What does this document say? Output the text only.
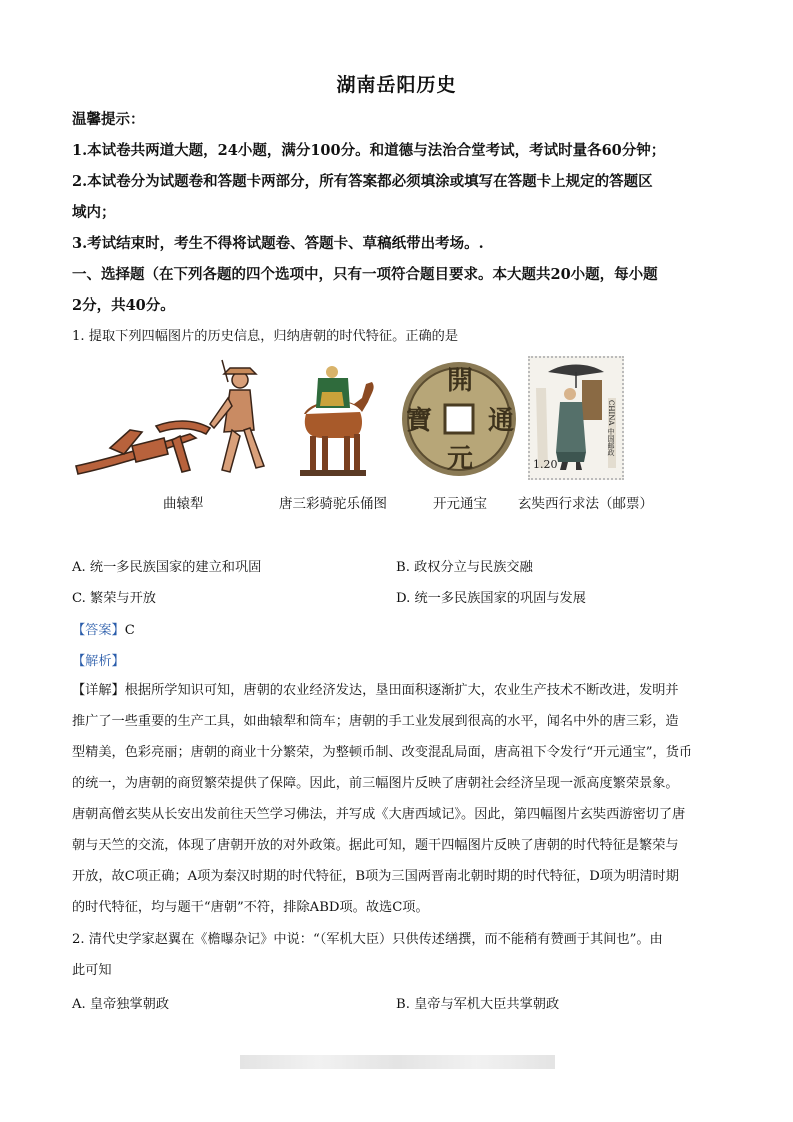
湖南岳阳历史
温馨提示：
1.本试卷共两道大题，24小题，满分100分。和道德与法治合堂考试，考试时量各60分钟；
2.本试卷分为试题卷和答题卡两部分，所有答案都必须填涂或填写在答题卡上规定的答题区
域内；
3.考试结束时，考生不得将试题卷、答题卡、草稿纸带出考场。.
一、选择题（在下列各题的四个选项中，只有一项符合题目要求。本大题共20小题，每小题
2分，共40分。
1. 提取下列四幅图片的历史信息，归纳唐朝的时代特征。正确的是
開
元
通
寶
1.20
CHINA 中国邮政
曲辕犁	唐三彩骑驼乐俑图	开元通宝 玄奘西行求法（邮票）
A. 统一多民族国家的建立和巩固	B. 政权分立与民族交融
C. 繁荣与开放	D. 统一多民族国家的巩固与发展
【答案】C
【解析】
【详解】根据所学知识可知，唐朝的农业经济发达，垦田面积逐渐扩大，农业生产技术不断改进，发明并
推广了一些重要的生产工具，如曲辕犁和筒车；唐朝的手工业发展到很高的水平，闻名中外的唐三彩，造
型精美，色彩亮丽；唐朝的商业十分繁荣，为整顿币制、改变混乱局面，唐高祖下令发行“开元通宝”，货币
的统一，为唐朝的商贸繁荣提供了保障。因此，前三幅图片反映了唐朝社会经济呈现一派高度繁荣景象。
唐朝高僧玄奘从长安出发前往天竺学习佛法，并写成《大唐西域记》。因此，第四幅图片玄奘西游密切了唐
朝与天竺的交流，体现了唐朝开放的对外政策。据此可知，题干四幅图片反映了唐朝的时代特征是繁荣与
开放，故C项正确；A项为秦汉时期的时代特征，B项为三国两晋南北朝时期的时代特征，D项为明清时期
的时代特征，均与题干“唐朝”不符，排除ABD项。故选C项。
2. 清代史学家赵翼在《檐曝杂记》中说：“（军机大臣）只供传述缮撰，而不能稍有赞画于其间也”。由
此可知
A. 皇帝独掌朝政	B. 皇帝与军机大臣共掌朝政
